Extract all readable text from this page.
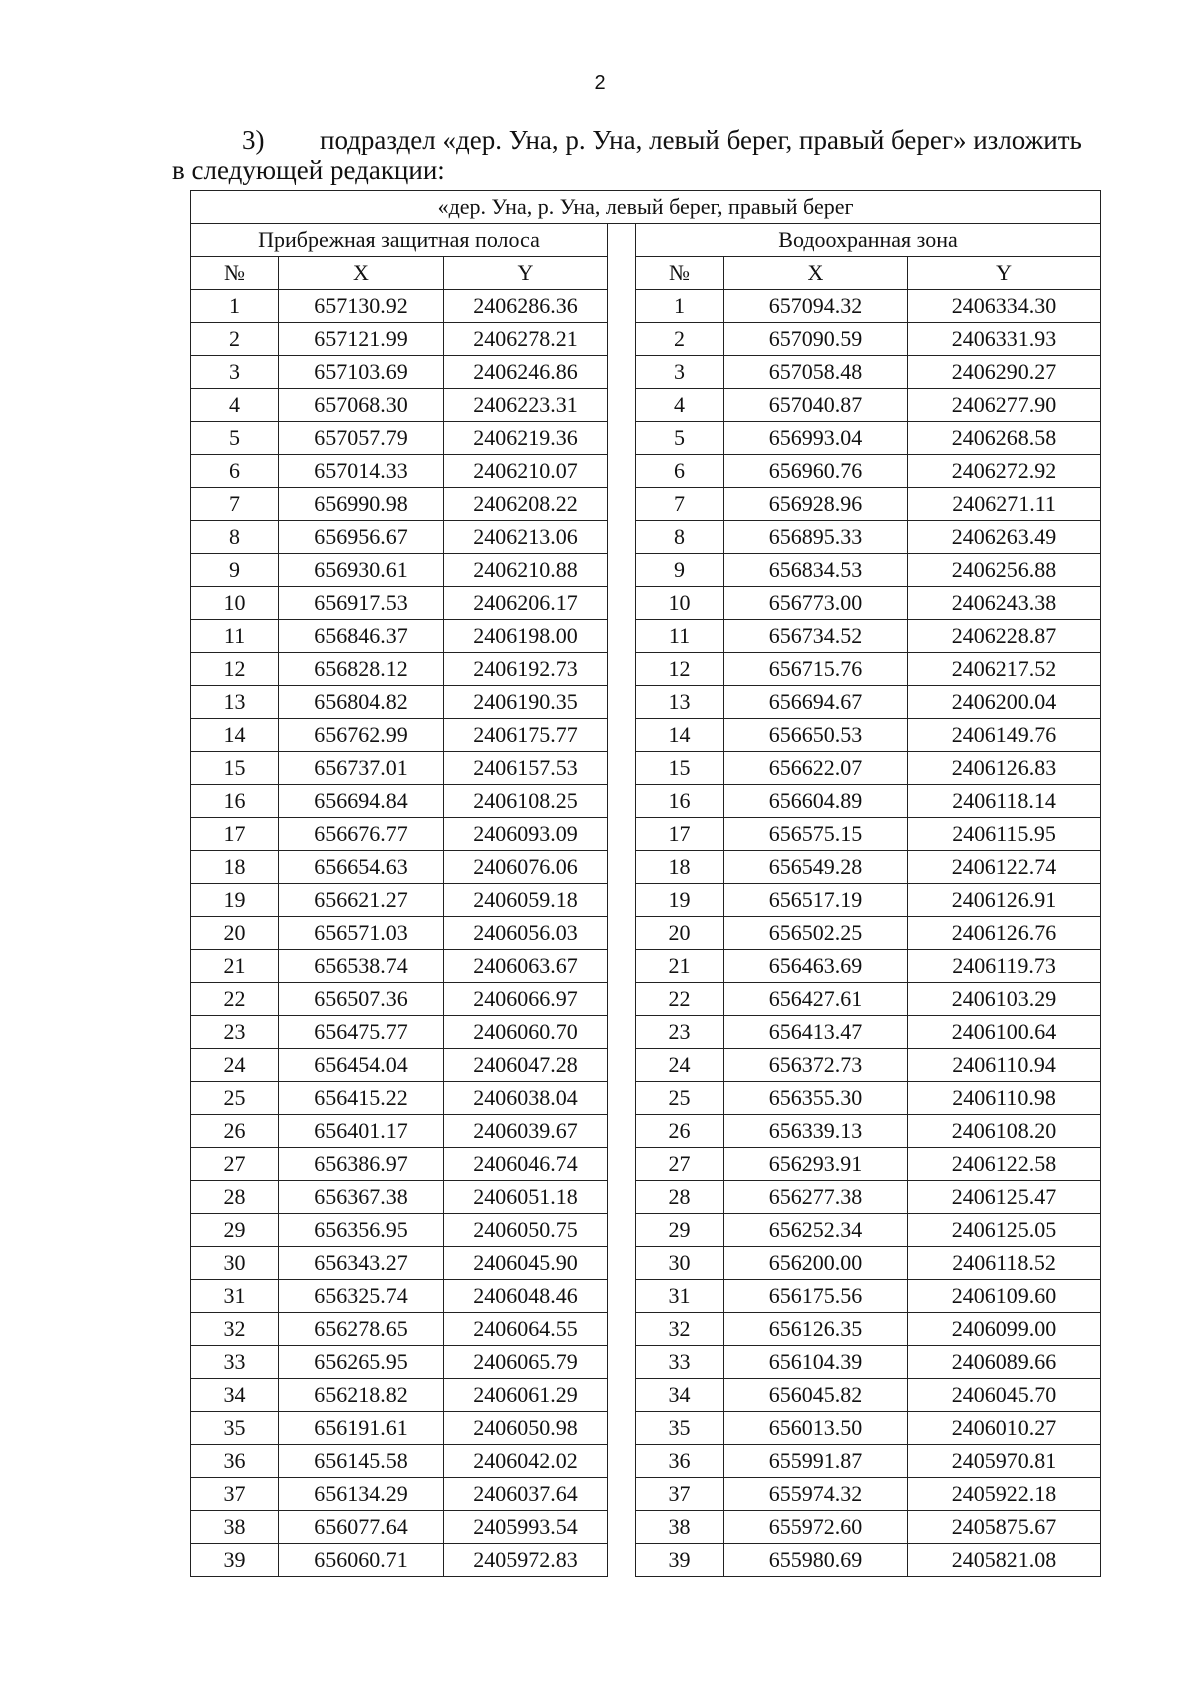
2
3)	подраздел «дер. Уна, р. Уна, левый берег, правый берег» изложить
в следующей редакции:
«дер. Уна, р. Уна, левый берег, правый берег						
Прибрежная защитная полоса				Водоохранная зона		
№	X	Y		№	X	Y
1	657130.92	2406286.36		1	657094.32	2406334.30
2	657121.99	2406278.21		2	657090.59	2406331.93
3	657103.69	2406246.86		3	657058.48	2406290.27
4	657068.30	2406223.31		4	657040.87	2406277.90
5	657057.79	2406219.36		5	656993.04	2406268.58
6	657014.33	2406210.07		6	656960.76	2406272.92
7	656990.98	2406208.22		7	656928.96	2406271.11
8	656956.67	2406213.06		8	656895.33	2406263.49
9	656930.61	2406210.88		9	656834.53	2406256.88
10	656917.53	2406206.17		10	656773.00	2406243.38
11	656846.37	2406198.00		11	656734.52	2406228.87
12	656828.12	2406192.73		12	656715.76	2406217.52
13	656804.82	2406190.35		13	656694.67	2406200.04
14	656762.99	2406175.77		14	656650.53	2406149.76
15	656737.01	2406157.53		15	656622.07	2406126.83
16	656694.84	2406108.25		16	656604.89	2406118.14
17	656676.77	2406093.09		17	656575.15	2406115.95
18	656654.63	2406076.06		18	656549.28	2406122.74
19	656621.27	2406059.18		19	656517.19	2406126.91
20	656571.03	2406056.03		20	656502.25	2406126.76
21	656538.74	2406063.67		21	656463.69	2406119.73
22	656507.36	2406066.97		22	656427.61	2406103.29
23	656475.77	2406060.70		23	656413.47	2406100.64
24	656454.04	2406047.28		24	656372.73	2406110.94
25	656415.22	2406038.04		25	656355.30	2406110.98
26	656401.17	2406039.67		26	656339.13	2406108.20
27	656386.97	2406046.74		27	656293.91	2406122.58
28	656367.38	2406051.18		28	656277.38	2406125.47
29	656356.95	2406050.75		29	656252.34	2406125.05
30	656343.27	2406045.90		30	656200.00	2406118.52
31	656325.74	2406048.46		31	656175.56	2406109.60
32	656278.65	2406064.55		32	656126.35	2406099.00
33	656265.95	2406065.79		33	656104.39	2406089.66
34	656218.82	2406061.29		34	656045.82	2406045.70
35	656191.61	2406050.98		35	656013.50	2406010.27
36	656145.58	2406042.02		36	655991.87	2405970.81
37	656134.29	2406037.64		37	655974.32	2405922.18
38	656077.64	2405993.54		38	655972.60	2405875.67
39	656060.71	2405972.83		39	655980.69	2405821.08
